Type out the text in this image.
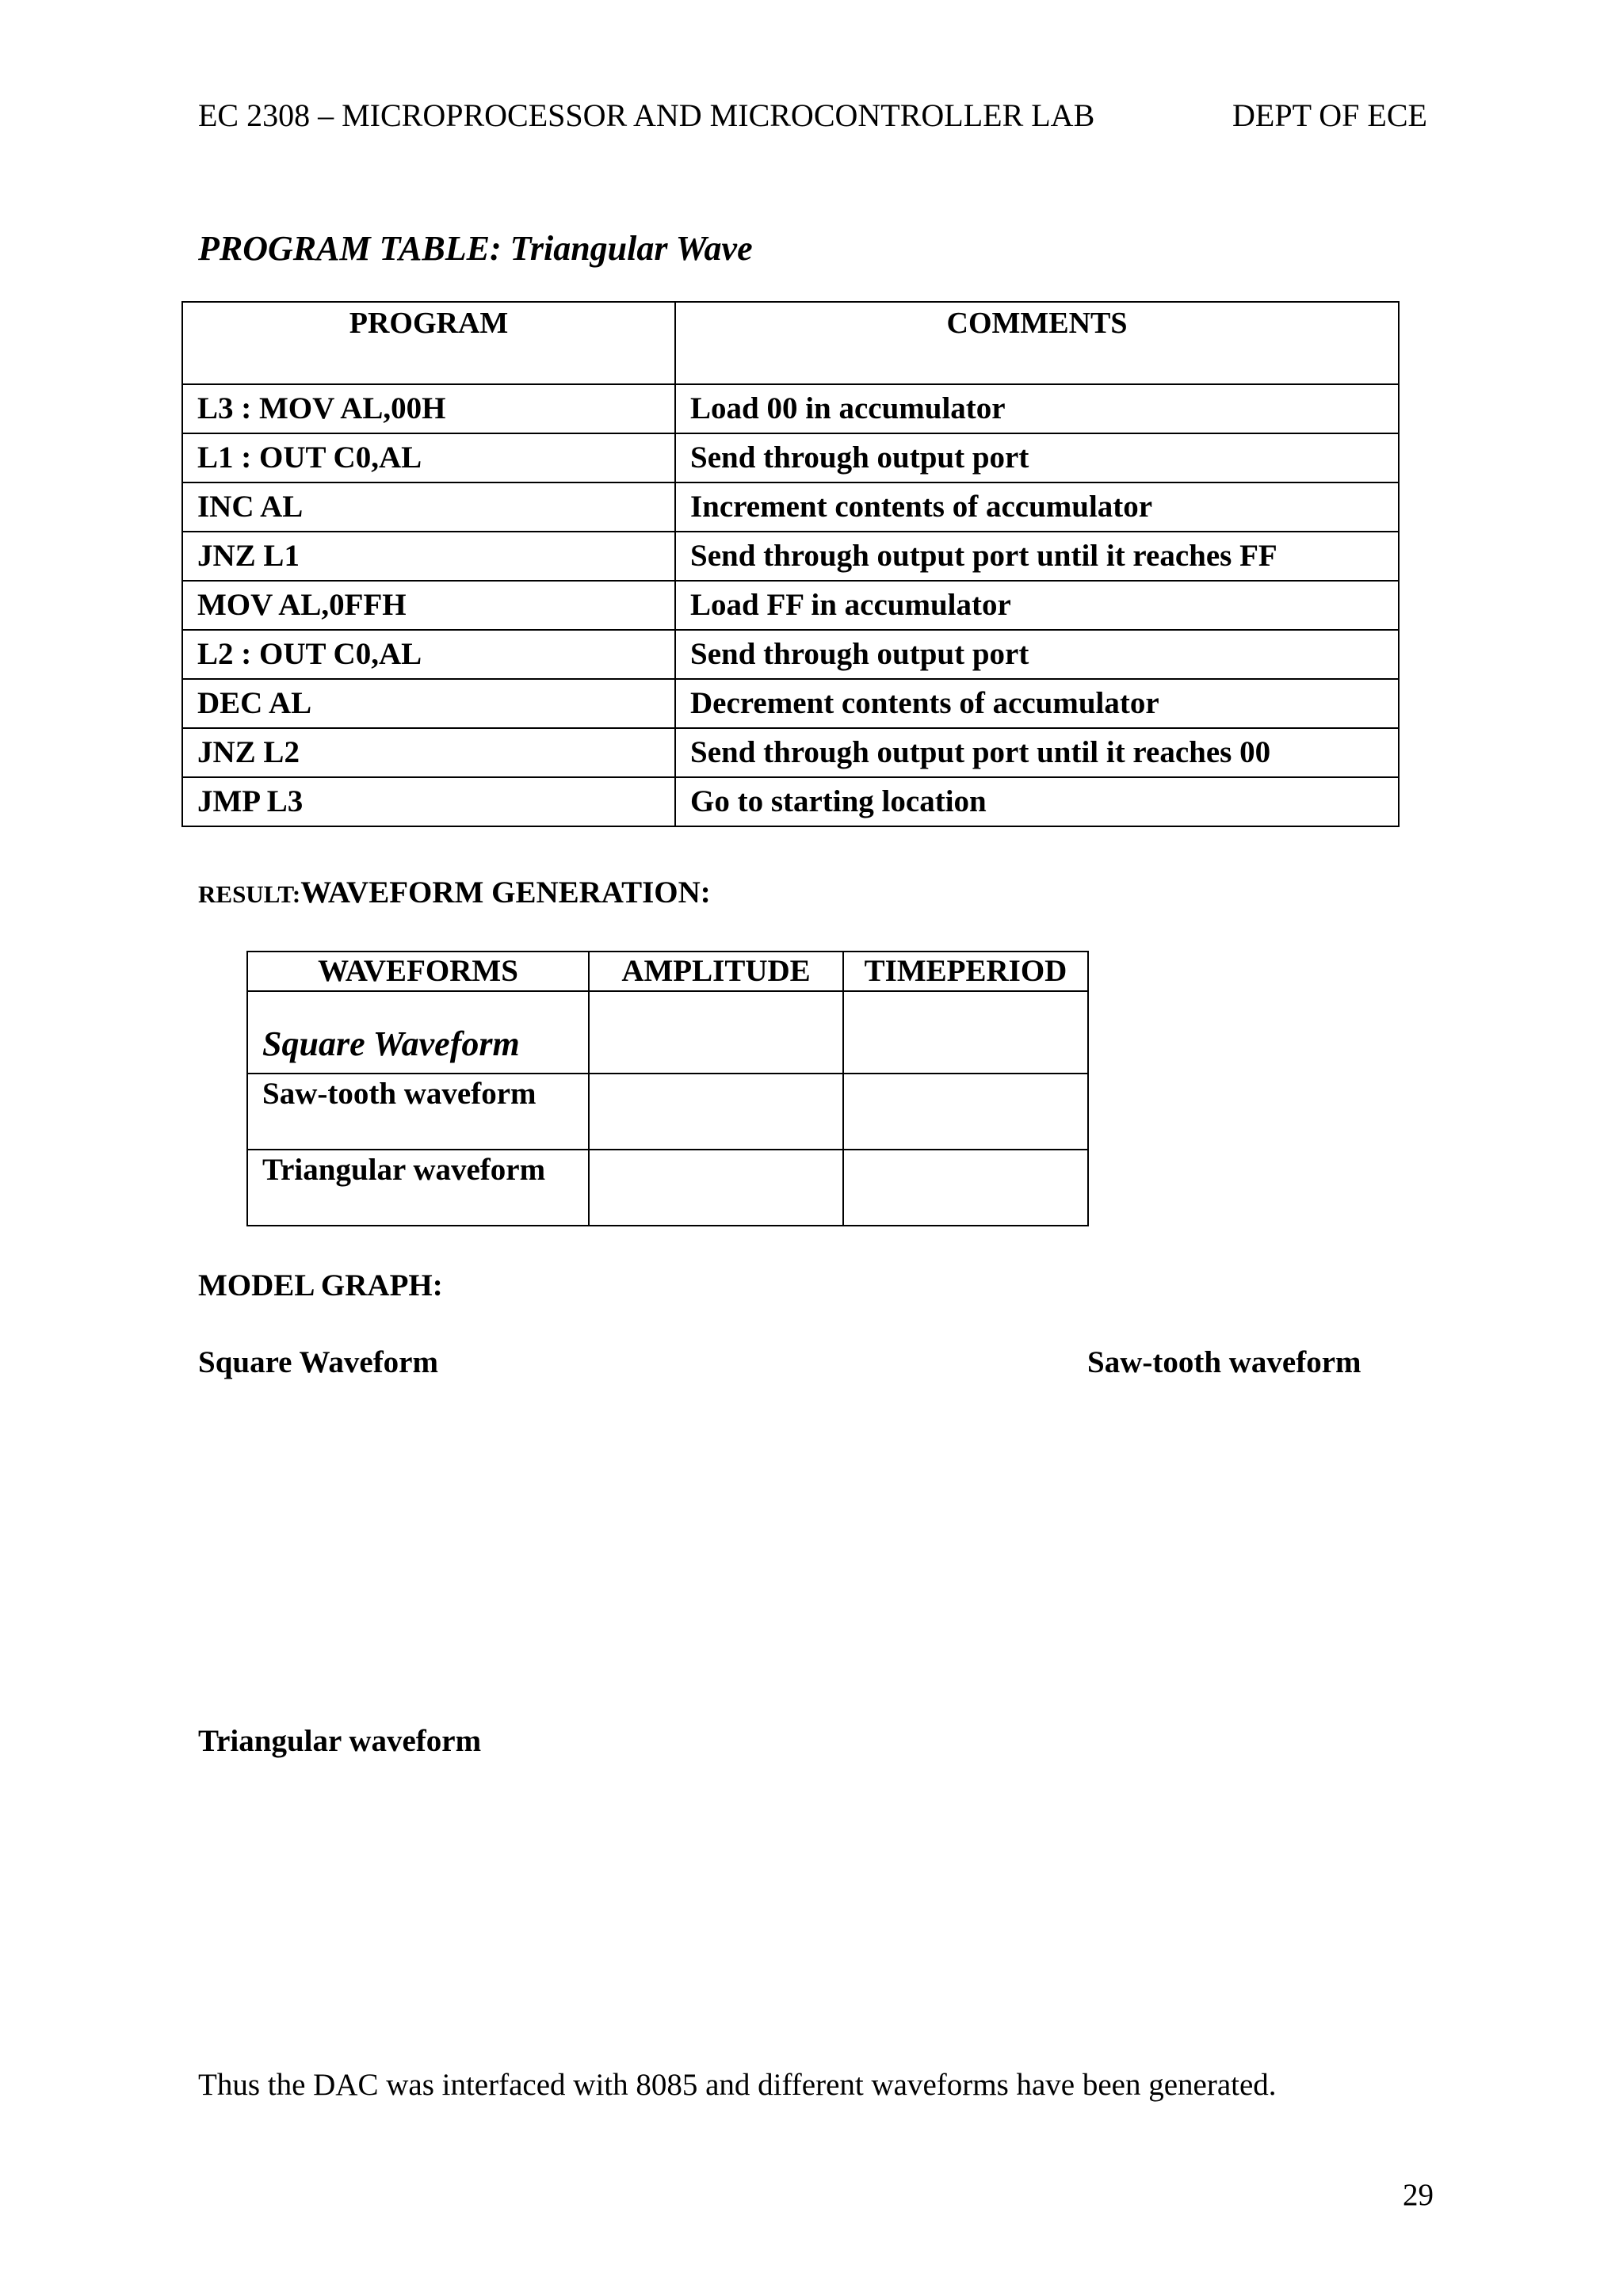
EC 2308 – MICROPROCESSOR AND MICROCONTROLLER LAB	DEPT OF ECE
PROGRAM TABLE: Triangular Wave
PROGRAM	COMMENTS
L3 : MOV AL,00H	Load 00 in accumulator
L1 : OUT C0,AL	Send through output port
INC AL	Increment contents of accumulator
JNZ L1	Send through output port until it reaches FF
MOV AL,0FFH	Load FF in accumulator
L2 : OUT C0,AL	Send through output port
DEC AL	Decrement contents of accumulator
JNZ L2	Send through output port until it reaches 00
JMP L3	Go to starting location
RESULT:WAVEFORM GENERATION:
WAVEFORMS	AMPLITUDE	TIMEPERIOD

Square Waveform		

Saw-tooth waveform		
Triangular waveform		
MODEL GRAPH:
Square Waveform	Saw-tooth waveform
Triangular waveform
Thus the DAC was interfaced with 8085 and different waveforms have been generated.
29
